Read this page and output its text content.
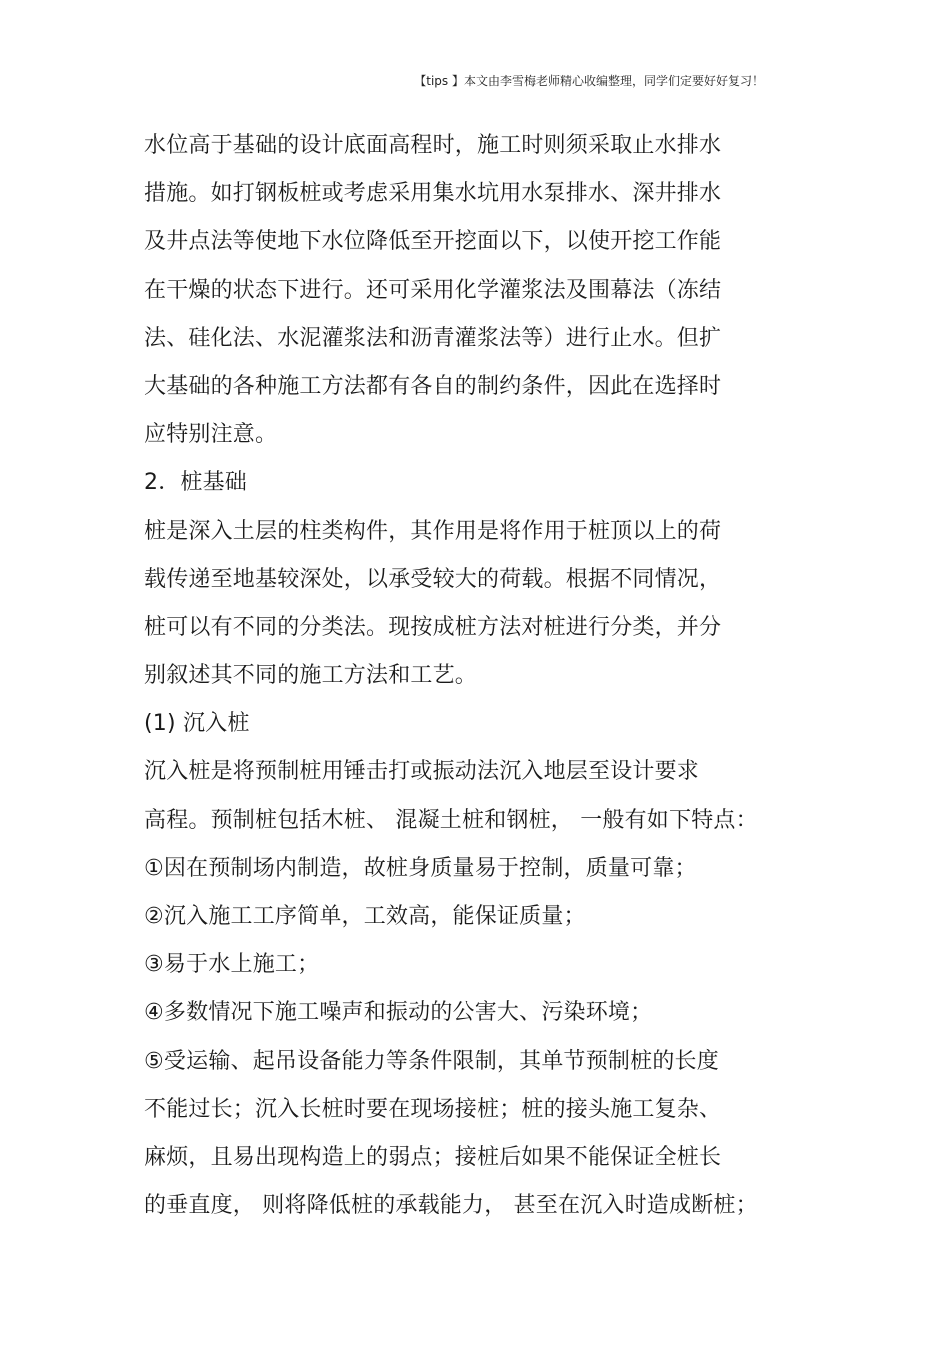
【tips 】本文由李雪梅老师精心收编整理，同学们定要好好复习！
水位高于基础的设计底面高程时，施工时则须采取止水排水
措施。如打钢板桩或考虑采用集水坑用水泵排水、深井排水
及井点法等使地下水位降低至开挖面以下，以使开挖工作能
在干燥的状态下进行。还可采用化学灌浆法及围幕法（冻结
法、硅化法、水泥灌浆法和沥青灌浆法等）进行止水。但扩
大基础的各种施工方法都有各自的制约条件，因此在选择时
应特别注意。
2．桩基础
桩是深入土层的柱类构件，其作用是将作用于桩顶以上的荷
载传递至地基较深处，以承受较大的荷载。根据不同情况，
桩可以有不同的分类法。现按成桩方法对桩进行分类，并分
别叙述其不同的施工方法和工艺。
(1) 沉入桩
沉入桩是将预制桩用锤击打或振动法沉入地层至设计要求
高程。预制桩包括木桩、 混凝土桩和钢桩， 一般有如下特点：
①因在预制场内制造，故桩身质量易于控制，质量可靠；
②沉入施工工序简单，工效高，能保证质量；
③易于水上施工；
④多数情况下施工噪声和振动的公害大、污染环境；
⑤受运输、起吊设备能力等条件限制，其单节预制桩的长度
不能过长；沉入长桩时要在现场接桩；桩的接头施工复杂、
麻烦，且易出现构造上的弱点；接桩后如果不能保证全桩长
的垂直度， 则将降低桩的承载能力， 甚至在沉入时造成断桩；
